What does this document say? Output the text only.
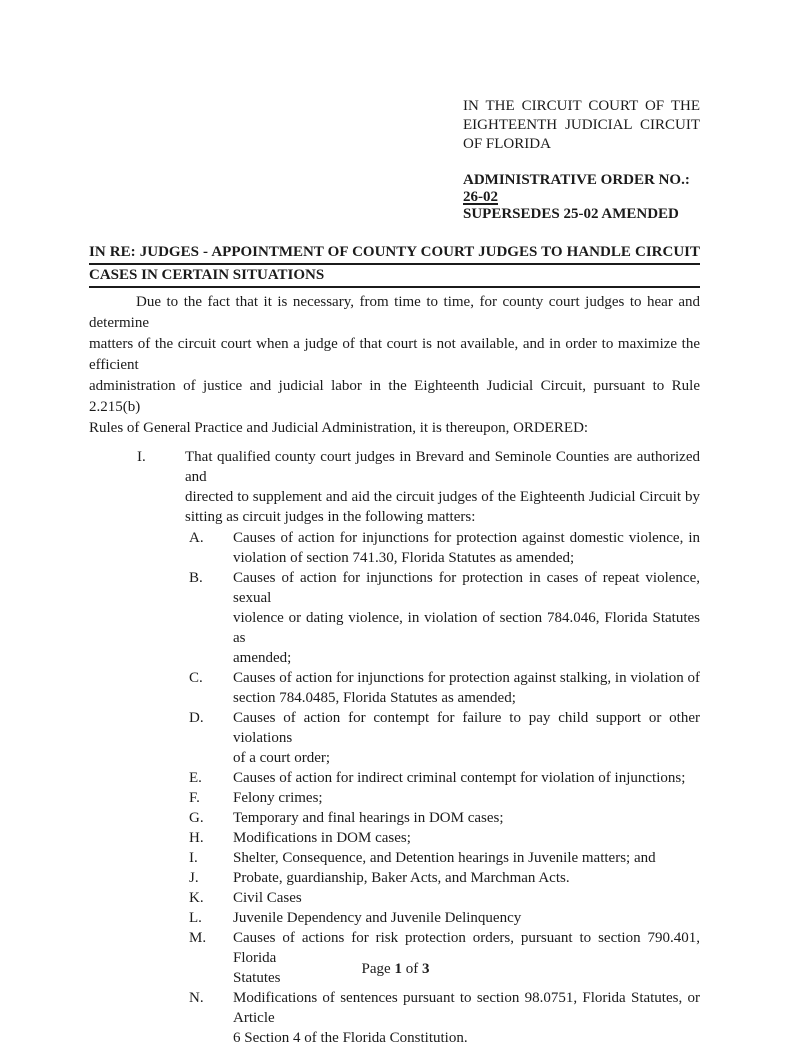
IN THE CIRCUIT COURT OF THE
EIGHTEENTH JUDICIAL CIRCUIT
OF FLORIDA
ADMINISTRATIVE ORDER NO.:
26-02
SUPERSEDES 25-02 AMENDED
IN RE: JUDGES - APPOINTMENT OF COUNTY COURT JUDGES TO HANDLE CIRCUIT
CASES IN CERTAIN SITUATIONS
Due to the fact that it is necessary, from time to time, for county court judges to hear and determine
matters of the circuit court when a judge of that court is not available, and in order to maximize the efficient
administration of justice and judicial labor in the Eighteenth Judicial Circuit, pursuant to Rule 2.215(b)
Rules of General Practice and Judicial Administration, it is thereupon, ORDERED:
I.	That qualified county court judges in Brevard and Seminole Counties are authorized and
directed to supplement and aid the circuit judges of the Eighteenth Judicial Circuit by
sitting as circuit judges in the following matters:
A. Causes of action for injunctions for protection against domestic violence, in
violation of section 741.30, Florida Statutes as amended;
B. Causes of action for injunctions for protection in cases of repeat violence, sexual
violence or dating violence, in violation of section 784.046, Florida Statutes as
amended;
C. Causes of action for injunctions for protection against stalking, in violation of
section 784.0485, Florida Statutes as amended;
D. Causes of action for contempt for failure to pay child support or other violations
of a court order;
E. Causes of action for indirect criminal contempt for violation of injunctions;
F. Felony crimes;
G. Temporary and final hearings in DOM cases;
H. Modifications in DOM cases;
I. Shelter, Consequence, and Detention hearings in Juvenile matters; and
J. Probate, guardianship, Baker Acts, and Marchman Acts.
K. Civil Cases
L. Juvenile Dependency and Juvenile Delinquency
M. Causes of actions for risk protection orders, pursuant to section 790.401, Florida
Statutes
N. Modifications of sentences pursuant to section 98.0751, Florida Statutes, or Article
6 Section 4 of the Florida Constitution.
Page 1 of 3
